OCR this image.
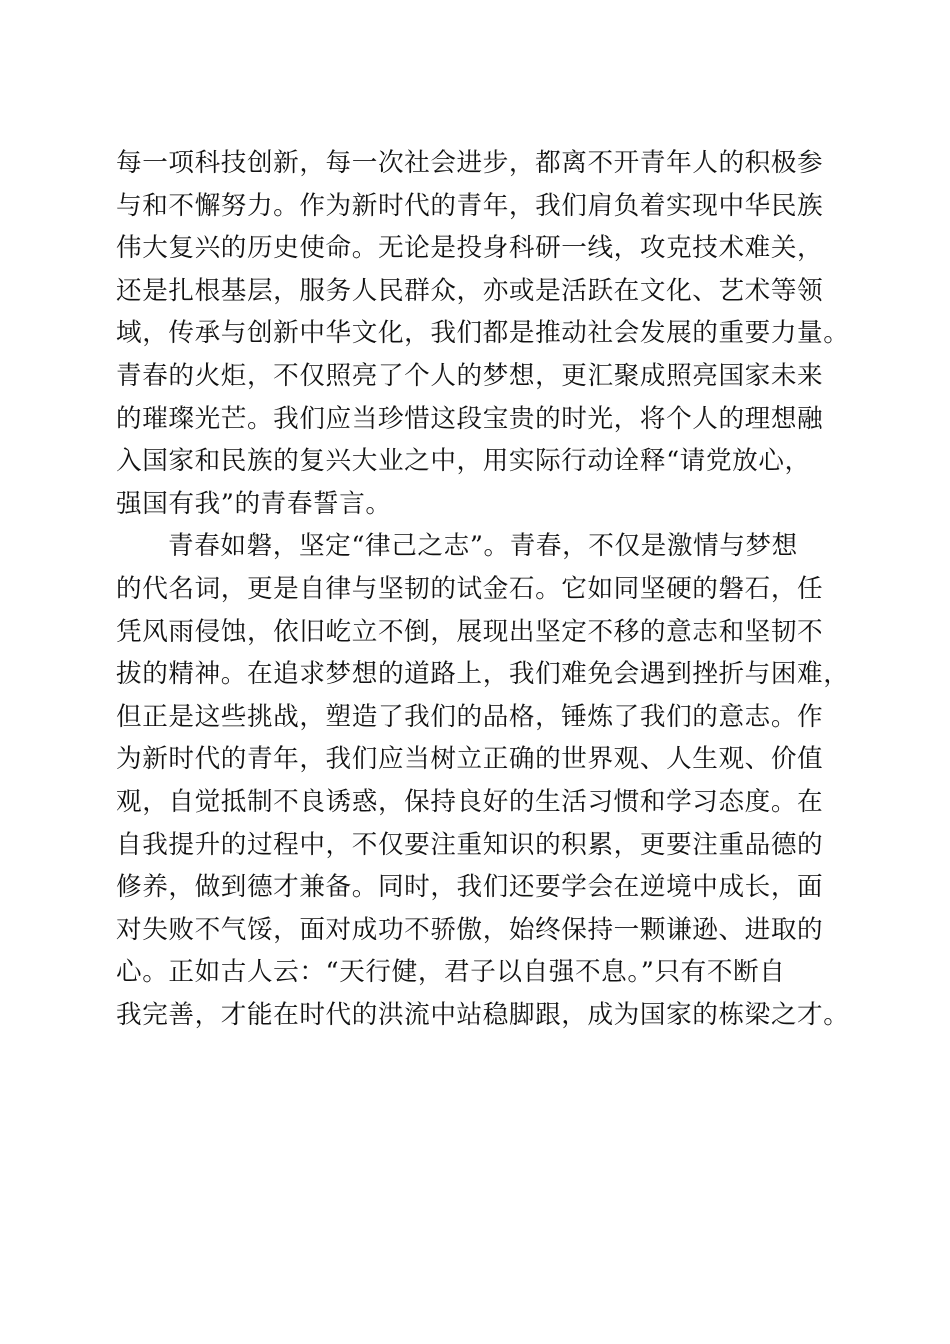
每一项科技创新，每一次社会进步，都离不开青年人的积极参
与和不懈努力。作为新时代的青年，我们肩负着实现中华民族
伟大复兴的历史使命。无论是投身科研一线，攻克技术难关，
还是扎根基层，服务人民群众，亦或是活跃在文化、艺术等领
域，传承与创新中华文化，我们都是推动社会发展的重要力量。
青春的火炬，不仅照亮了个人的梦想，更汇聚成照亮国家未来
的璀璨光芒。我们应当珍惜这段宝贵的时光，将个人的理想融
入国家和民族的复兴大业之中，用实际行动诠释“请党放心，
强国有我”的青春誓言。
青春如磐，坚定“律己之志”。青春，不仅是激情与梦想
的代名词，更是自律与坚韧的试金石。它如同坚硬的磐石，任
凭风雨侵蚀，依旧屹立不倒，展现出坚定不移的意志和坚韧不
拔的精神。在追求梦想的道路上，我们难免会遇到挫折与困难，
但正是这些挑战，塑造了我们的品格，锤炼了我们的意志。作
为新时代的青年，我们应当树立正确的世界观、人生观、价值
观，自觉抵制不良诱惑，保持良好的生活习惯和学习态度。在
自我提升的过程中，不仅要注重知识的积累，更要注重品德的
修养，做到德才兼备。同时，我们还要学会在逆境中成长，面
对失败不气馁，面对成功不骄傲，始终保持一颗谦逊、进取的
心。正如古人云：“天行健，君子以自强不息。”只有不断自
我完善，才能在时代的洪流中站稳脚跟，成为国家的栋梁之才。
